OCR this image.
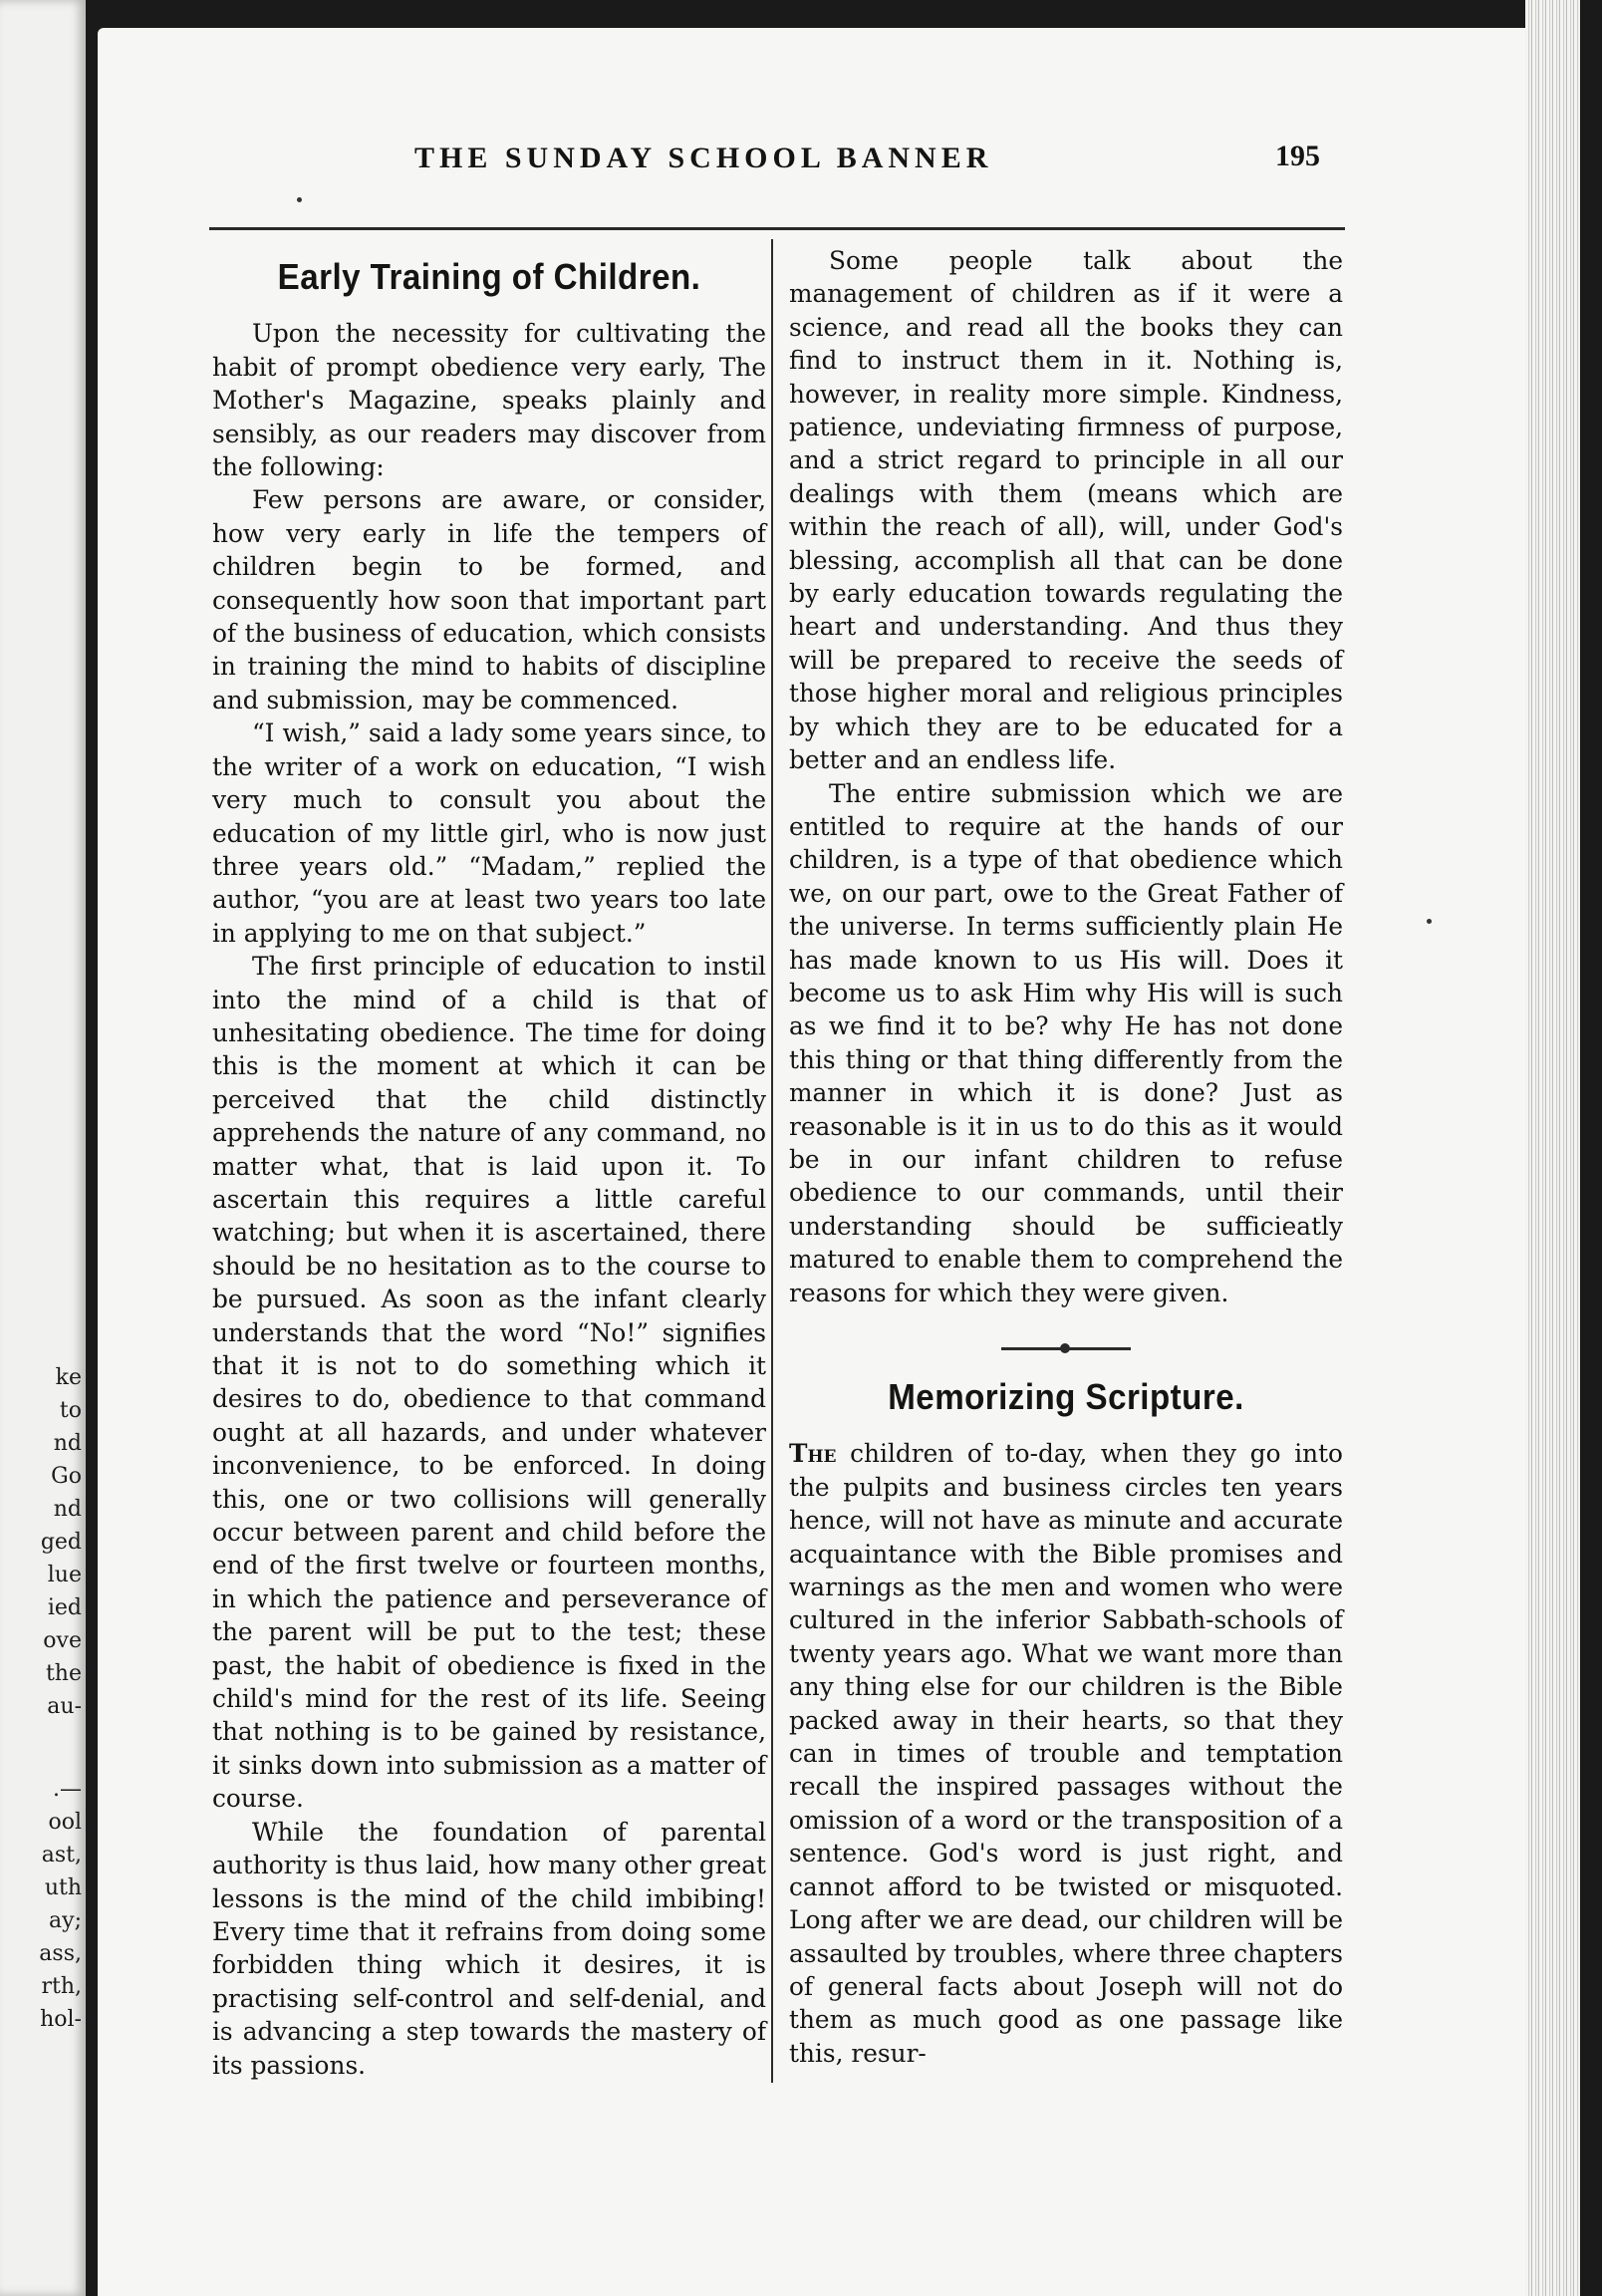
ke
to
nd
Go
nd
ged
lue
ied
ove
the
au-
.—
ool
ast,
uth
ay;
ass,
rth,
hol-
THE SUNDAY SCHOOL BANNER	195
Early Training of Children.

Upon the necessity for cultivating the habit of prompt obedience very early, The Mother's Magazine, speaks plainly and sensibly, as our readers may discover from the following:

Few persons are aware, or consider, how very early in life the tempers of children begin to be formed, and consequently how soon that important part of the business of education, which consists in training the mind to habits of discipline and submission, may be commenced.

“I wish,” said a lady some years since, to the writer of a work on education, “I wish very much to consult you about the education of my little girl, who is now just three years old.” “Madam,” replied the author, “you are at least two years too late in applying to me on that subject.”

The first principle of education to instil into the mind of a child is that of unhesitating obedience. The time for doing this is the moment at which it can be perceived that the child distinctly apprehends the nature of any command, no matter what, that is laid upon it. To ascertain this requires a little careful watching; but when it is ascertained, there should be no hesitation as to the course to be pursued. As soon as the infant clearly understands that the word “No!” signifies that it is not to do something which it desires to do, obedience to that command ought at all hazards, and under whatever inconvenience, to be enforced. In doing this, one or two collisions will generally occur between parent and child before the end of the first twelve or fourteen months, in which the patience and perseverance of the parent will be put to the test; these past, the habit of obedience is fixed in the child's mind for the rest of its life. Seeing that nothing is to be gained by resistance, it sinks down into submission as a matter of course.

While the foundation of parental authority is thus laid, how many other great lessons is the mind of the child imbibing! Every time that it refrains from doing some forbidden thing which it desires, it is practising self-control and self-denial, and is advancing a step towards the mastery of its passions.

Some people talk about the management of children as if it were a science, and read all the books they can find to instruct them in it. Nothing is, however, in reality more simple. Kindness, patience, undeviating firmness of purpose, and a strict regard to principle in all our dealings with them (means which are within the reach of all), will, under God's blessing, accomplish all that can be done by early education towards regulating the heart and understanding. And thus they will be prepared to receive the seeds of those higher moral and religious principles by which they are to be educated for a better and an endless life.

The entire submission which we are entitled to require at the hands of our children, is a type of that obedience which we, on our part, owe to the Great Father of the universe. In terms sufficiently plain He has made known to us His will. Does it become us to ask Him why His will is such as we find it to be? why He has not done this thing or that thing differently from the manner in which it is done? Just as reasonable is it in us to do this as it would be in our infant children to refuse obedience to our commands, until their understanding should be sufficieatly matured to enable them to comprehend the reasons for which they were given.

Memorizing Scripture.

The children of to-day, when they go into the pulpits and business circles ten years hence, will not have as minute and accurate acquaintance with the Bible promises and warnings as the men and women who were cultured in the inferior Sabbath-schools of twenty years ago. What we want more than any thing else for our children is the Bible packed away in their hearts, so that they can in times of trouble and temptation recall the inspired passages without the omission of a word or the transposition of a sentence. God's word is just right, and cannot afford to be twisted or misquoted. Long after we are dead, our children will be assaulted by troubles, where three chapters of general facts about Joseph will not do them as much good as one passage like this, resur-
